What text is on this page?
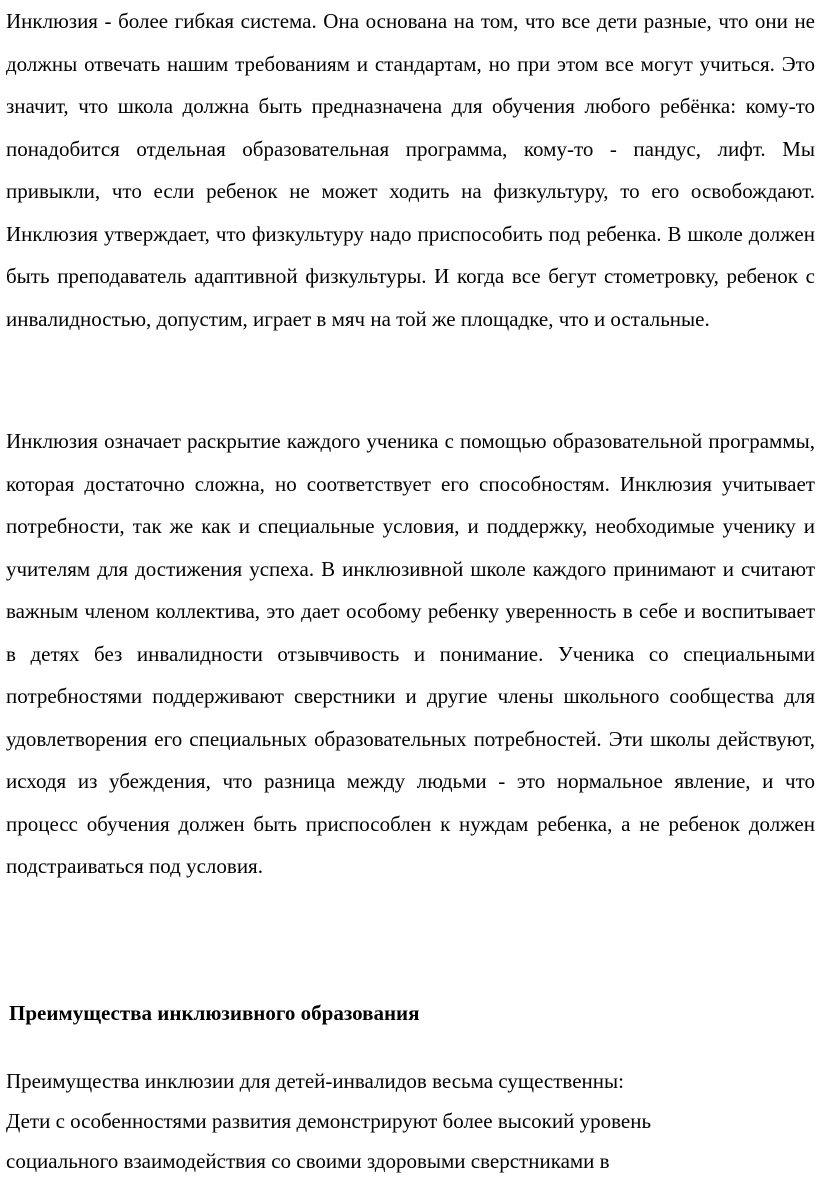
Инклюзия - более гибкая система. Она основана на том, что все дети разные, что они не должны отвечать нашим требованиям и стандартам, но при этом все могут учиться. Это значит, что школа должна быть предназначена для обучения любого ребёнка: кому-то понадобится отдельная образовательная программа, кому-то - пандус, лифт. Мы привыкли, что если ребенок не может ходить на физкультуру, то его освобождают. Инклюзия утверждает, что физкультуру надо приспособить под ребенка. В школе должен быть преподаватель адаптивной физкультуры. И когда все бегут стометровку, ребенок с инвалидностью, допустим, играет в мяч на той же площадке, что и остальные.

Инклюзия означает раскрытие каждого ученика с помощью образовательной программы, которая достаточно сложна, но соответствует его способностям. Инклюзия учитывает потребности, так же как и специальные условия, и поддержку, необходимые ученику и учителям для достижения успеха. В инклюзивной школе каждого принимают и считают важным членом коллектива, это дает особому ребенку уверенность в себе и воспитывает в детях без инвалидности отзывчивость и понимание. Ученика со специальными потребностями поддерживают сверстники и другие члены школьного сообщества для удовлетворения его специальных образовательных потребностей. Эти школы действуют, исходя из убеждения, что разница между людьми - это нормальное явление, и что процесс обучения должен быть приспособлен к нуждам ребенка, а не ребенок должен подстраиваться под условия.

Преимущества инклюзивного образования

Преимущества инклюзии для детей-инвалидов весьма существенны:

Дети с особенностями развития демонстрируют более высокий уровень социального взаимодействия со своими здоровыми сверстниками в
